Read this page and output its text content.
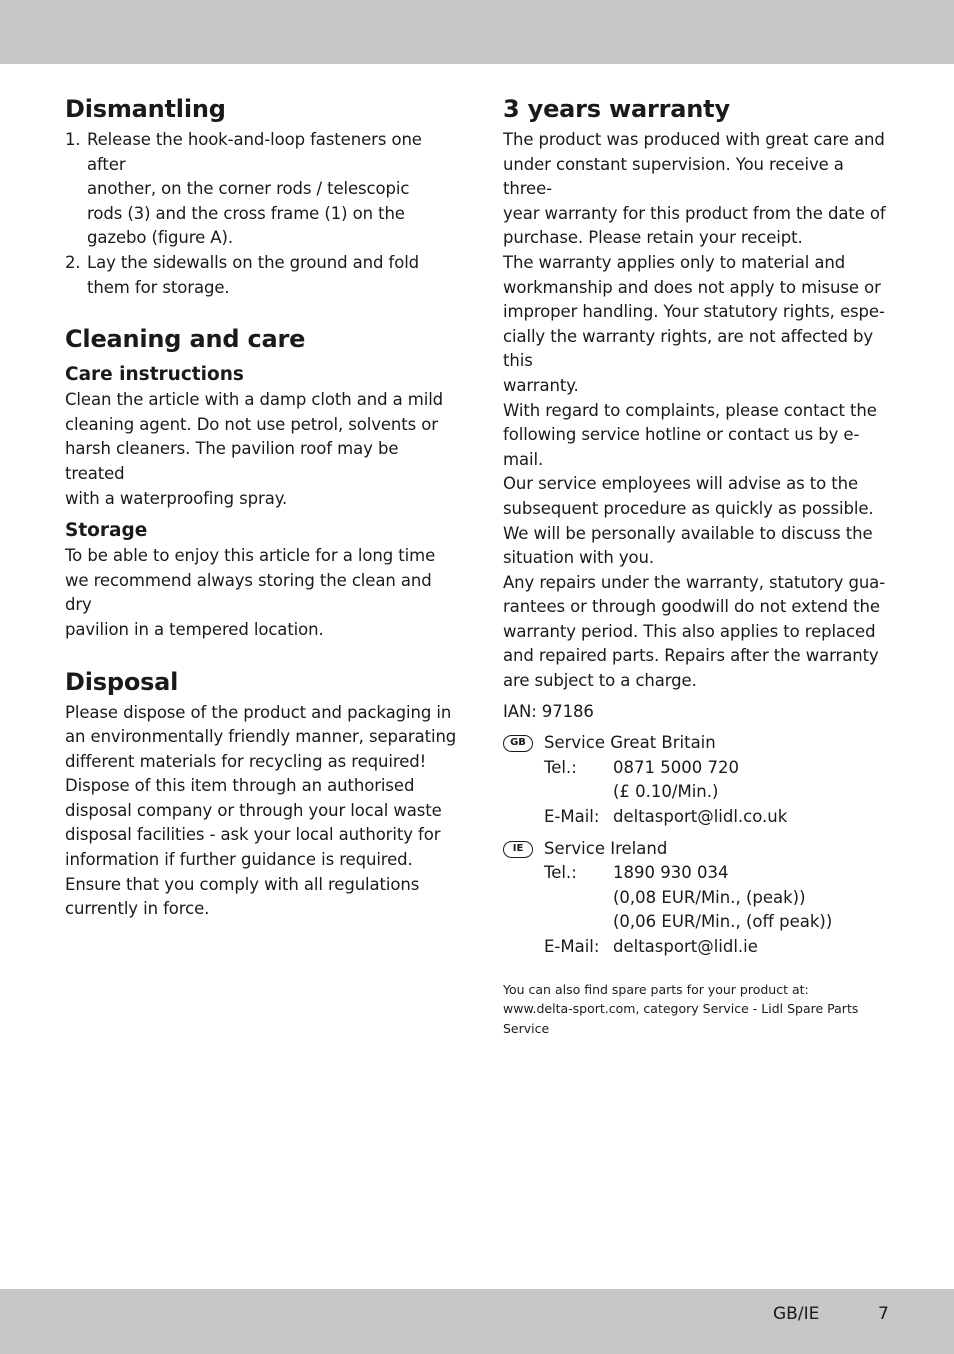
Dismantling
1. Release the hook-and-loop fasteners one after
another, on the corner rods / telescopic
rods (3) and the cross frame (1) on the
gazebo (figure A).
2. Lay the sidewalls on the ground and fold
them for storage.
Cleaning and care
Care instructions

Clean the article with a damp cloth and a mild
cleaning agent. Do not use petrol, solvents or
harsh cleaners. The pavilion roof may be treated
with a waterproofing spray.

Storage

To be able to enjoy this article for a long time
we recommend always storing the clean and dry
pavilion in a tempered location.

Disposal

Please dispose of the product and packaging in
an environmentally friendly manner, separating
different materials for recycling as required!
Dispose of this item through an authorised
disposal company or through your local waste
disposal facilities - ask your local authority for
information if further guidance is required.
Ensure that you comply with all regulations
currently in force.

3 years warranty

The product was produced with great care and
under constant supervision. You receive a three-
year warranty for this product from the date of
purchase. Please retain your receipt.
The warranty applies only to material and
workmanship and does not apply to misuse or
improper handling. Your statutory rights, espe-
cially the warranty rights, are not affected by this
warranty.
With regard to complaints, please contact the
following service hotline or contact us by e-mail.
Our service employees will advise as to the
subsequent procedure as quickly as possible.
We will be personally available to discuss the
situation with you.
Any repairs under the warranty, statutory gua-
rantees or through goodwill do not extend the
warranty period. This also applies to replaced
and repaired parts. Repairs after the warranty
are subject to a charge.

IAN: 97186

GB	Service Great Britain
Tel.:	0871 5000 720
(£ 0.10/Min.)
E-Mail: deltasport@lidl.co.uk
IE	Service Ireland
Tel.:	1890 930 034
(0,08 EUR/Min., (peak))
(0,06 EUR/Min., (off peak))
E-Mail: deltasport@lidl.ie

You can also find spare parts for your product at:
www.delta-sport.com, category Service - Lidl Spare Parts
Service

GB/IE	7
